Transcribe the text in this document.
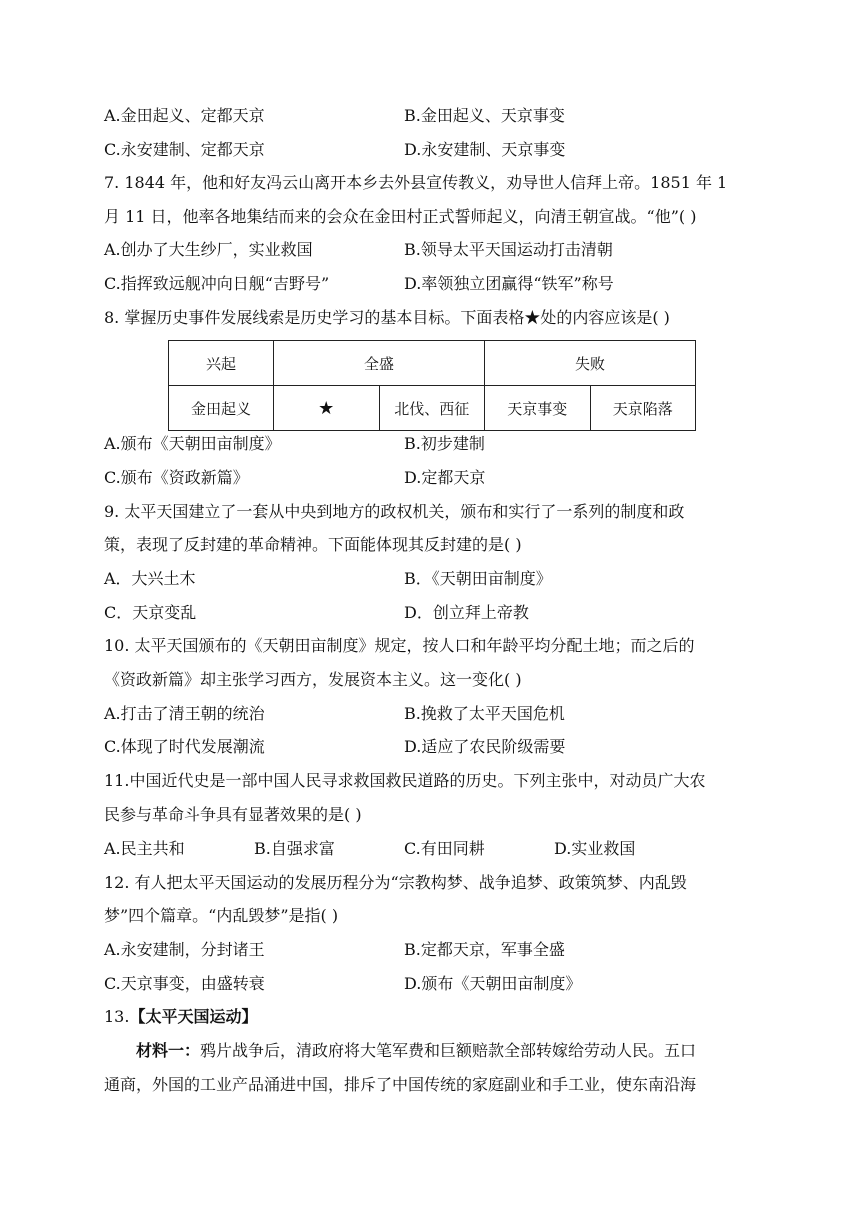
A.金田起义、定都天京	B.金田起义、天京事变
C.永安建制、定都天京	D.永安建制、天京事变
7. 1844 年，他和好友冯云山离开本乡去外县宣传教义，劝导世人信拜上帝。1851 年 1
月 11 日，他率各地集结而来的会众在金田村正式誓师起义，向清王朝宣战。“他”( )
A.创办了大生纱厂，实业救国	B.领导太平天国运动打击清朝
C.指挥致远舰冲向日舰“吉野号”	D.率领独立团赢得“铁军”称号
8. 掌握历史事件发展线索是历史学习的基本目标。下面表格★处的内容应该是( )
兴起	全盛		失败	
金田起义	★	北伐、西征	天京事变	天京陷落
A.颁布《天朝田亩制度》	B.初步建制
C.颁布《资政新篇》	D.定都天京
9. 太平天国建立了一套从中央到地方的政权机关，颁布和实行了一系列的制度和政
策，表现了反封建的革命精神。下面能体现其反封建的是( )
A．大兴土木	B．《天朝田亩制度》
C．天京变乱	D．创立拜上帝教
10. 太平天国颁布的《天朝田亩制度》规定，按人口和年龄平均分配土地；而之后的
《资政新篇》却主张学习西方，发展资本主义。这一变化( )
A.打击了清王朝的统治	B.挽救了太平天国危机
C.体现了时代发展潮流	D.适应了农民阶级需要
11.中国近代史是一部中国人民寻求救国救民道路的历史。下列主张中，对动员广大农
民参与革命斗争具有显著效果的是( )
A.民主共和	B.自强求富	C.有田同耕	D.实业救国
12. 有人把太平天国运动的发展历程分为“宗教构梦、战争追梦、政策筑梦、内乱毁
梦”四个篇章。“内乱毁梦”是指( )
A.永安建制，分封诸王	B.定都天京，军事全盛
C.天京事变，由盛转衰	D.颁布《天朝田亩制度》
13.【太平天国运动】
材料一：鸦片战争后，清政府将大笔军费和巨额赔款全部转嫁给劳动人民。五口
通商，外国的工业产品涌进中国，排斥了中国传统的家庭副业和手工业，使东南沿海
